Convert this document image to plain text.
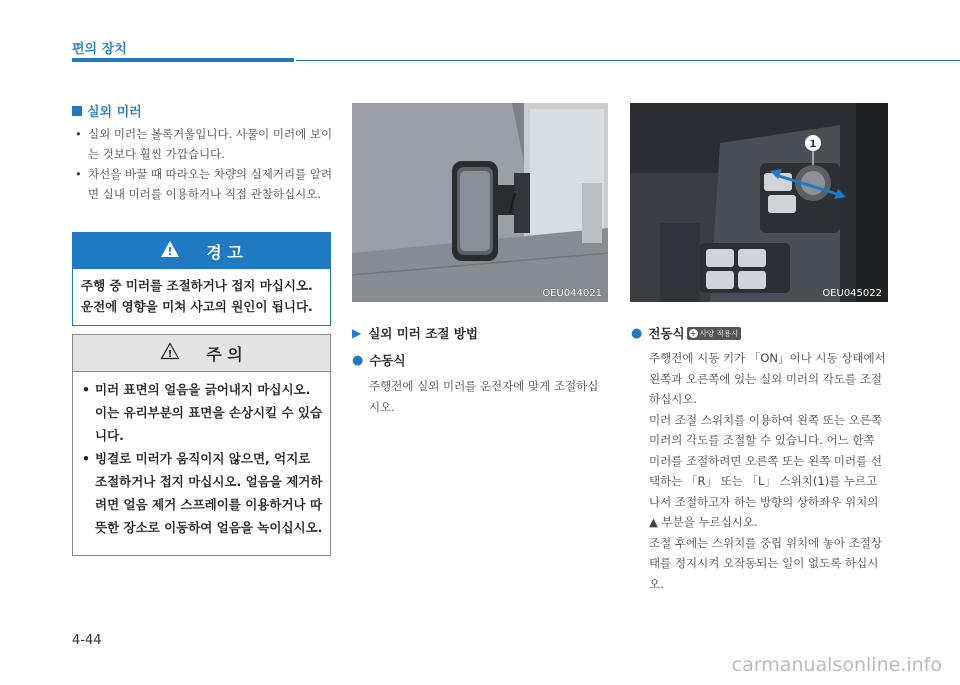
편의 장치
실외 미러
• 실외 미러는 볼록거울입니다. 사물이 미러에 보이는 것보다 훨씬 가깝습니다.
• 차선을 바꿀 때 따라오는 차량의 실제거리를 알려면 실내 미러를 이용하거나 직접 관찰하십시오.
! 경 고
주행 중 미러를 조절하거나 접지 마십시오. 운전에 영향을 미쳐 사고의 원인이 됩니다.
! 주 의
• 미러 표면의 얼음을 긁어내지 마십시오. 이는 유리부분의 표면을 손상시킬 수 있습니다.
• 빙결로 미러가 움직이지 않으면, 억지로 조절하거나 접지 마십시오. 얼음을 제거하려면 얼음 제거 스프레이를 이용하거나 따뜻한 장소로 이동하여 얼음을 녹이십시오.
OEU044021
1
OEU045022
▶ 실외 미러 조절 방법
● 수동식
주행전에 실외 미러를 운전자에 맞게 조절하십시오.
● 전동식 + 사양 적용시
주행전에 시동 키가 「ON」이나 시동 상태에서 왼쪽과 오른쪽에 있는 실외 미러의 각도를 조절하십시오.
미러 조절 스위치를 이용하여 왼쪽 또는 오른쪽 미러의 각도를 조절할 수 있습니다. 어느 한쪽 미러를 조절하려면 오른쪽 또는 왼쪽 미러를 선택하는 「R」 또는 「L」 스위치(1)를 누르고 나서 조절하고자 하는 방향의 상하좌우 위치의 ▲ 부분을 누르십시오.
조절 후에는 스위치를 중립 위치에 놓아 조절상태를 정지시켜 오작동되는 일이 없도록 하십시오.
4-44
carmanualsonline.info
